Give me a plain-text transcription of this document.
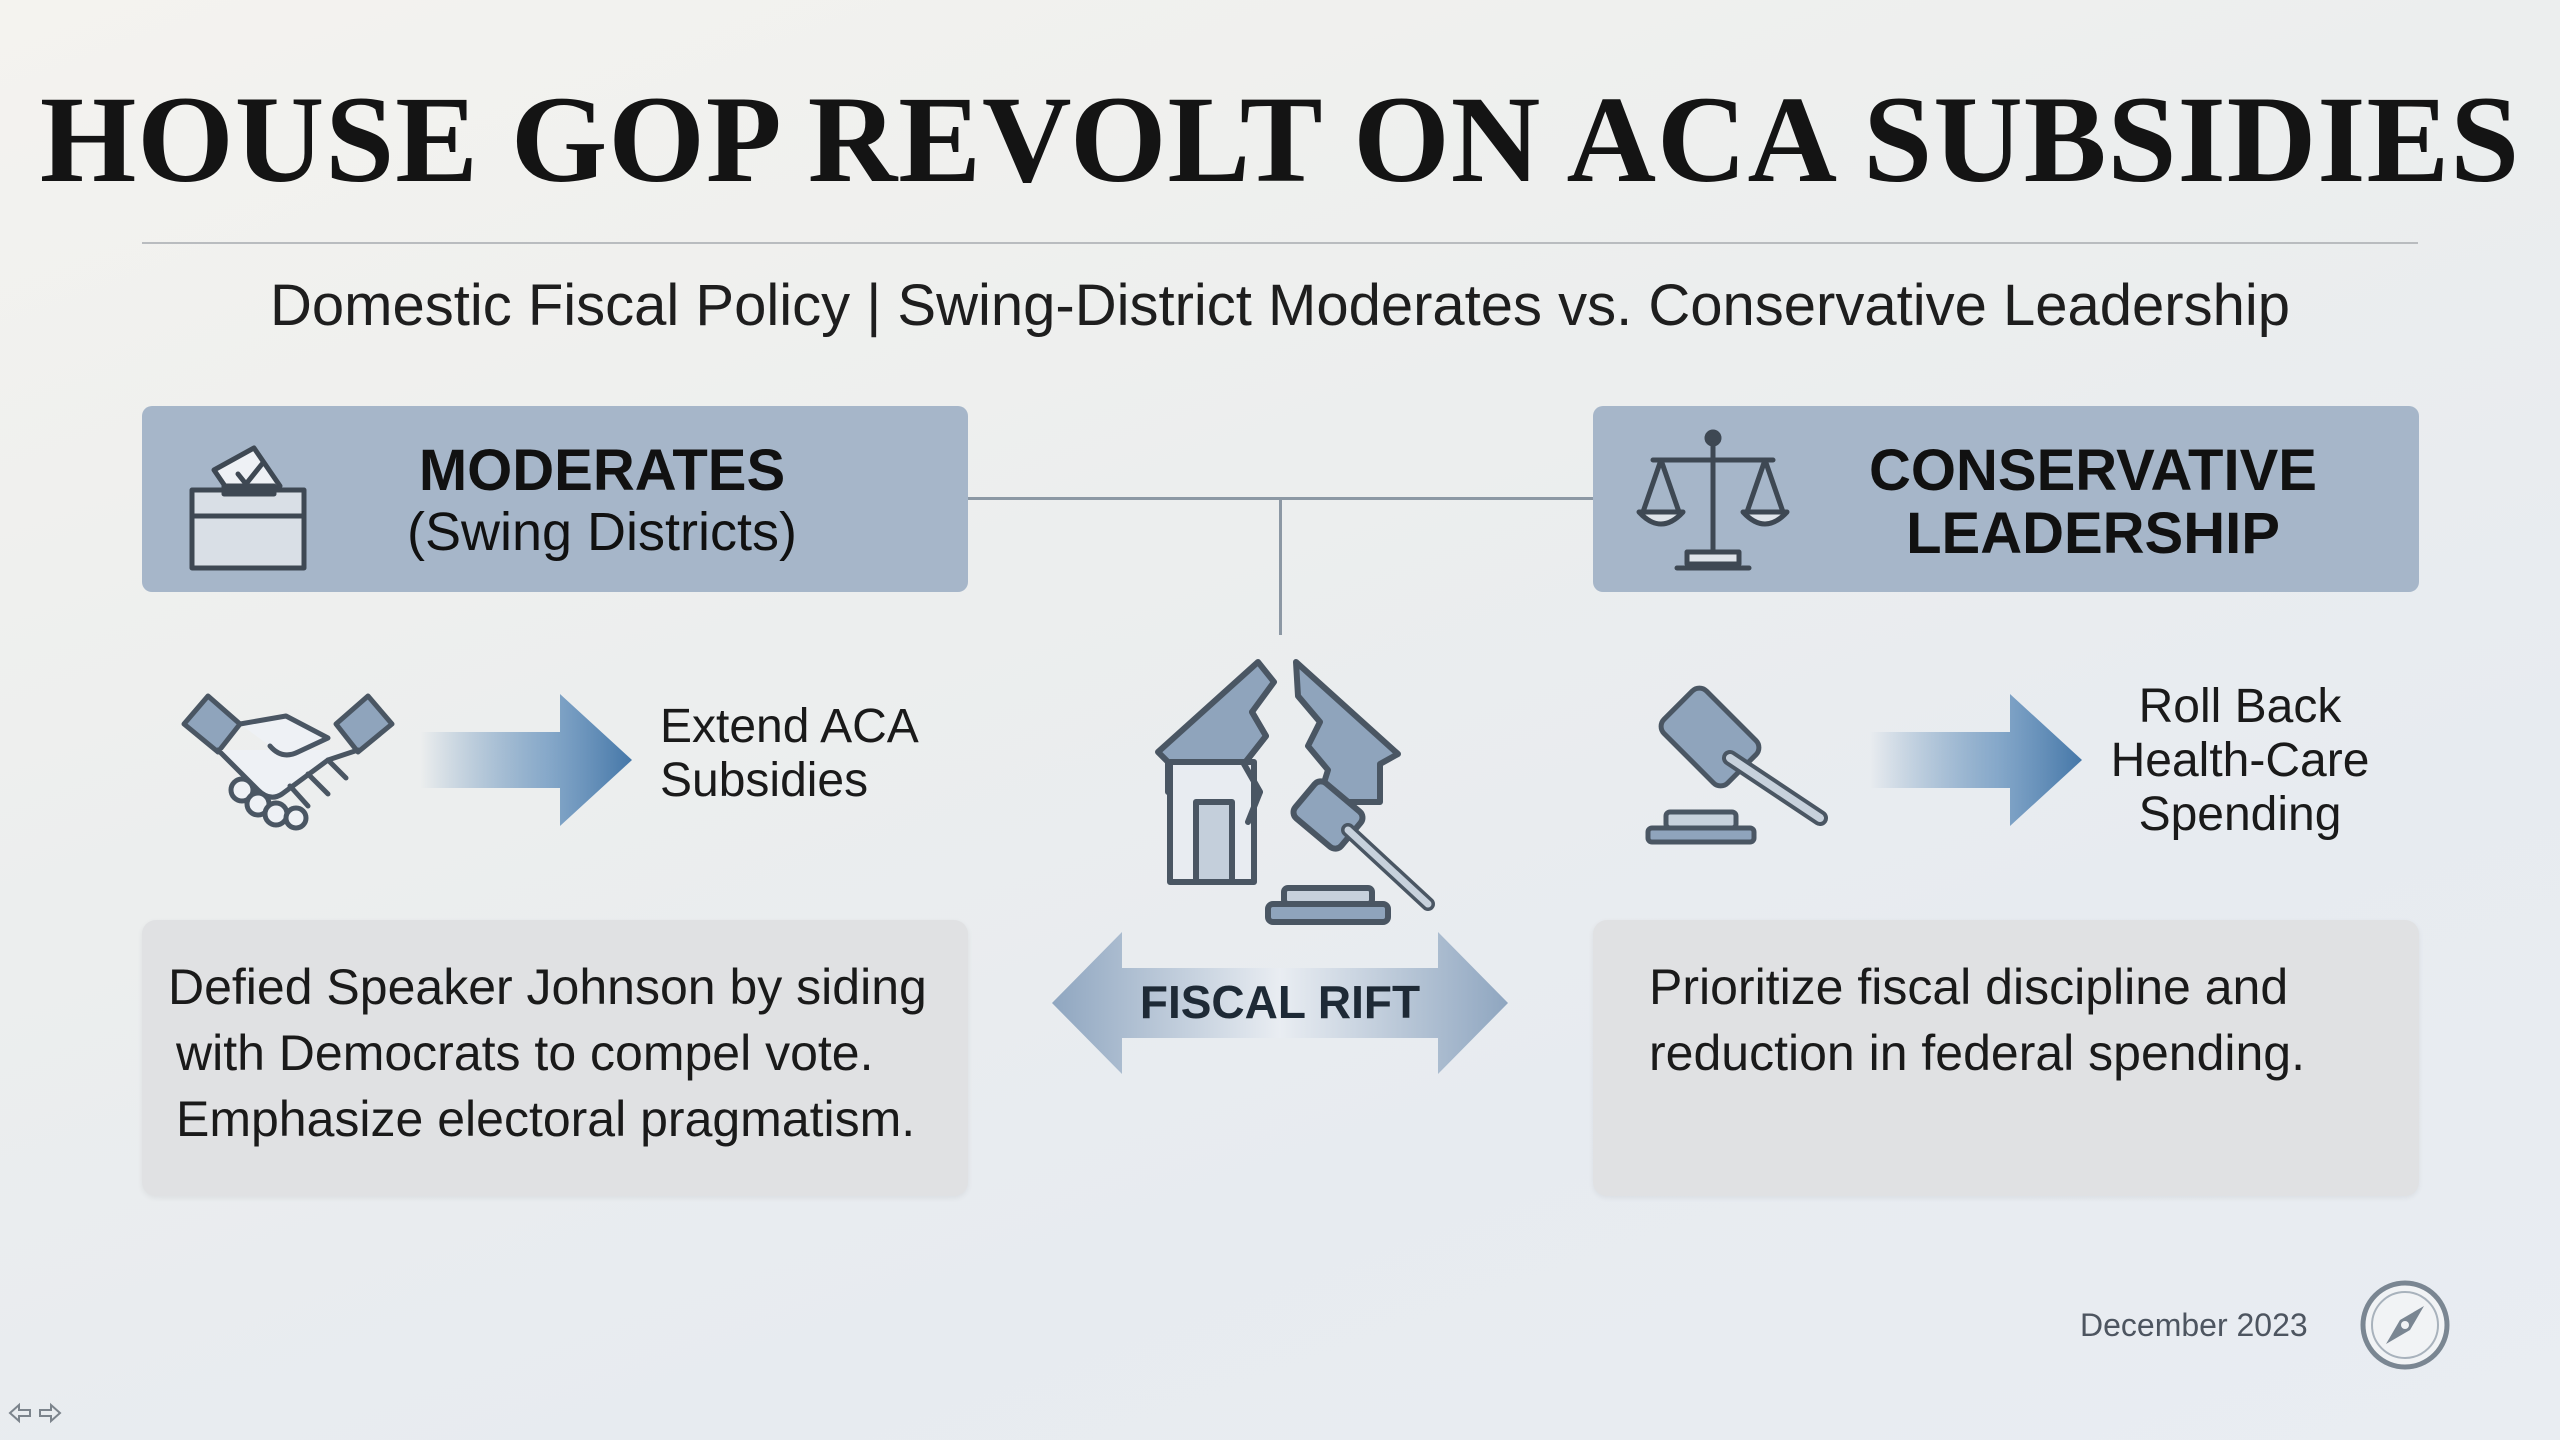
HOUSE GOP REVOLT ON ACA SUBSIDIES
Domestic Fiscal Policy | Swing-District Moderates vs. Conservative Leadership
MODERATES
(Swing Districts)
CONSERVATIVE
LEADERSHIP
Extend ACA
Subsidies
Roll Back
Health-Care
Spending
FISCAL RIFT
Defied Speaker Johnson by siding
with Democrats to compel vote.
Emphasize electoral pragmatism.
Prioritize fiscal discipline and
reduction in federal spending.
December 2023
